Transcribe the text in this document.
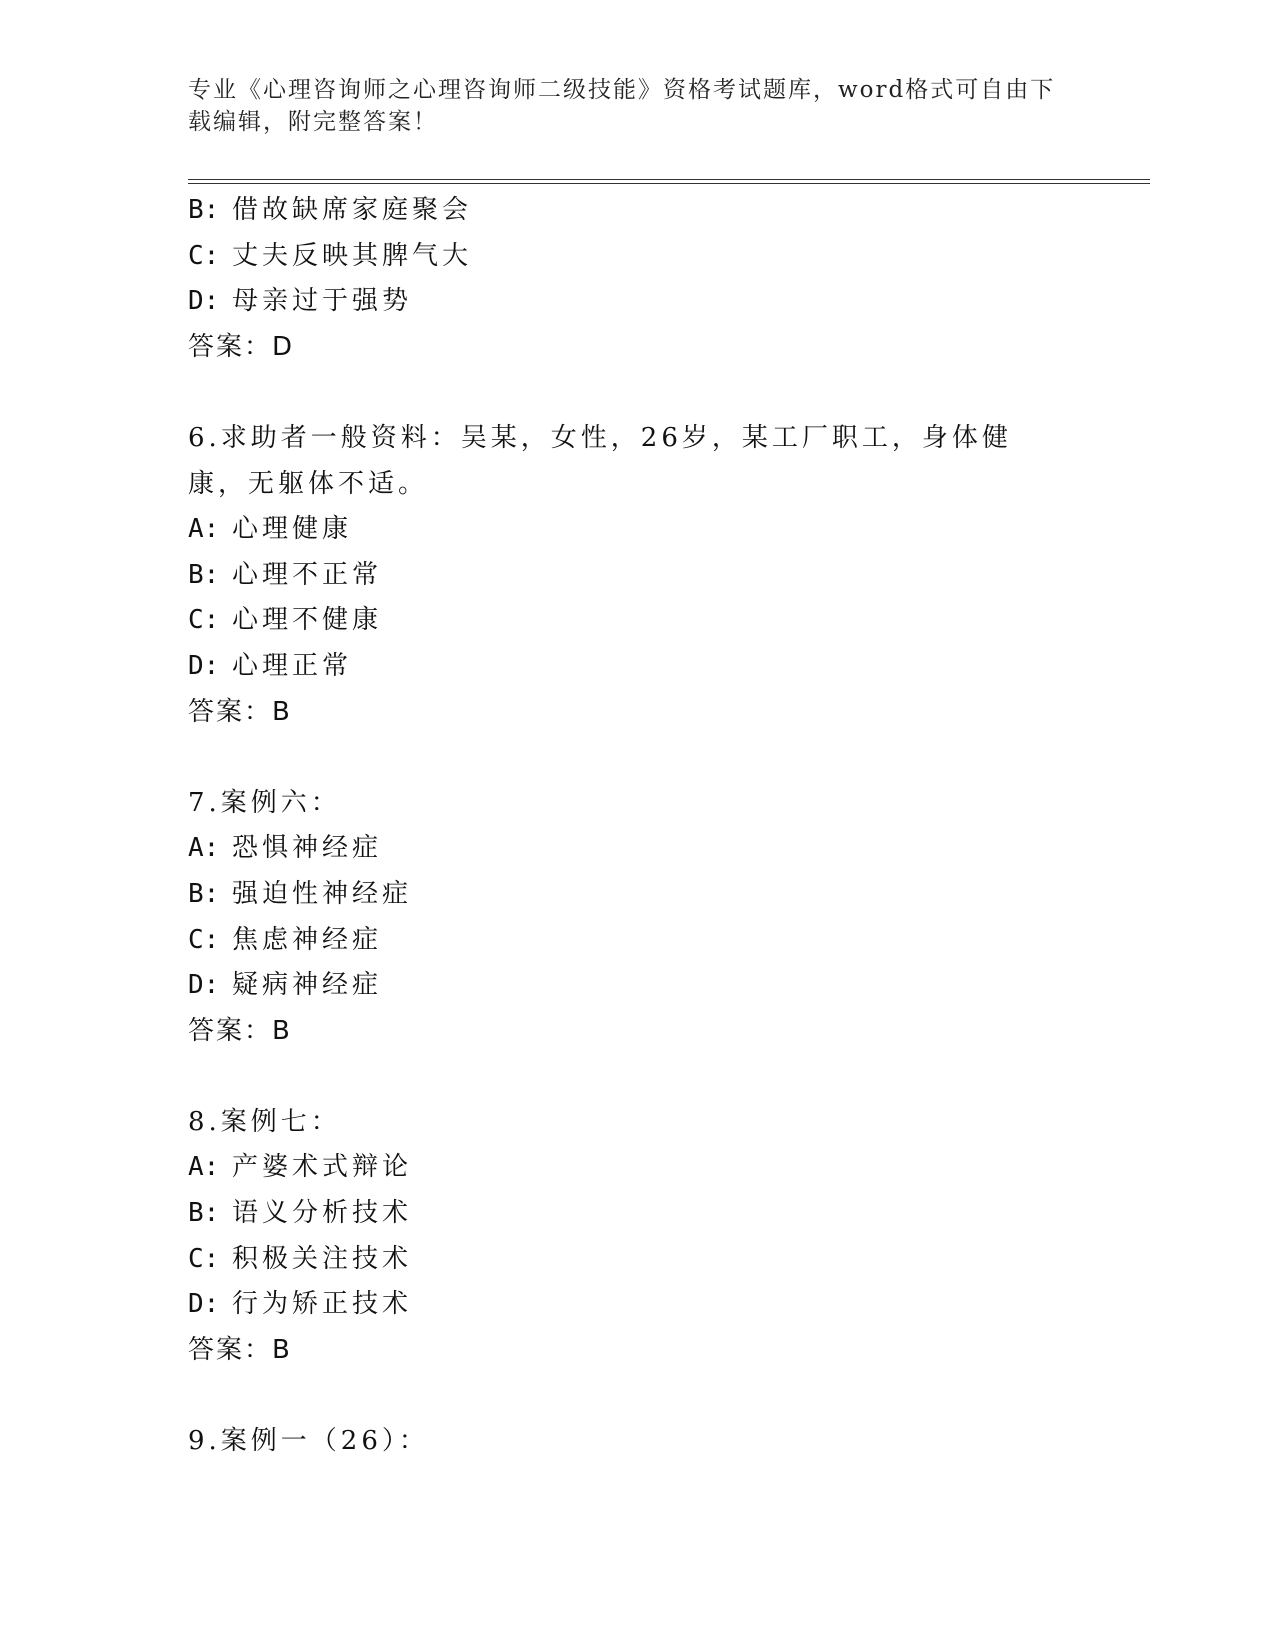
专业《心理咨询师之心理咨询师二级技能》资格考试题库，word格式可自由下载编辑，附完整答案！
B: 借故缺席家庭聚会
C: 丈夫反映其脾气大
D: 母亲过于强势
答案：D
6.求助者一般资料：吴某，女性，26岁，某工厂职工，身体健康，无躯体不适。
A: 心理健康
B: 心理不正常
C: 心理不健康
D: 心理正常
答案：B
7.案例六：
A: 恐惧神经症
B: 强迫性神经症
C: 焦虑神经症
D: 疑病神经症
答案：B
8.案例七：
A: 产婆术式辩论
B: 语义分析技术
C: 积极关注技术
D: 行为矫正技术
答案：B
9.案例一（26）：
